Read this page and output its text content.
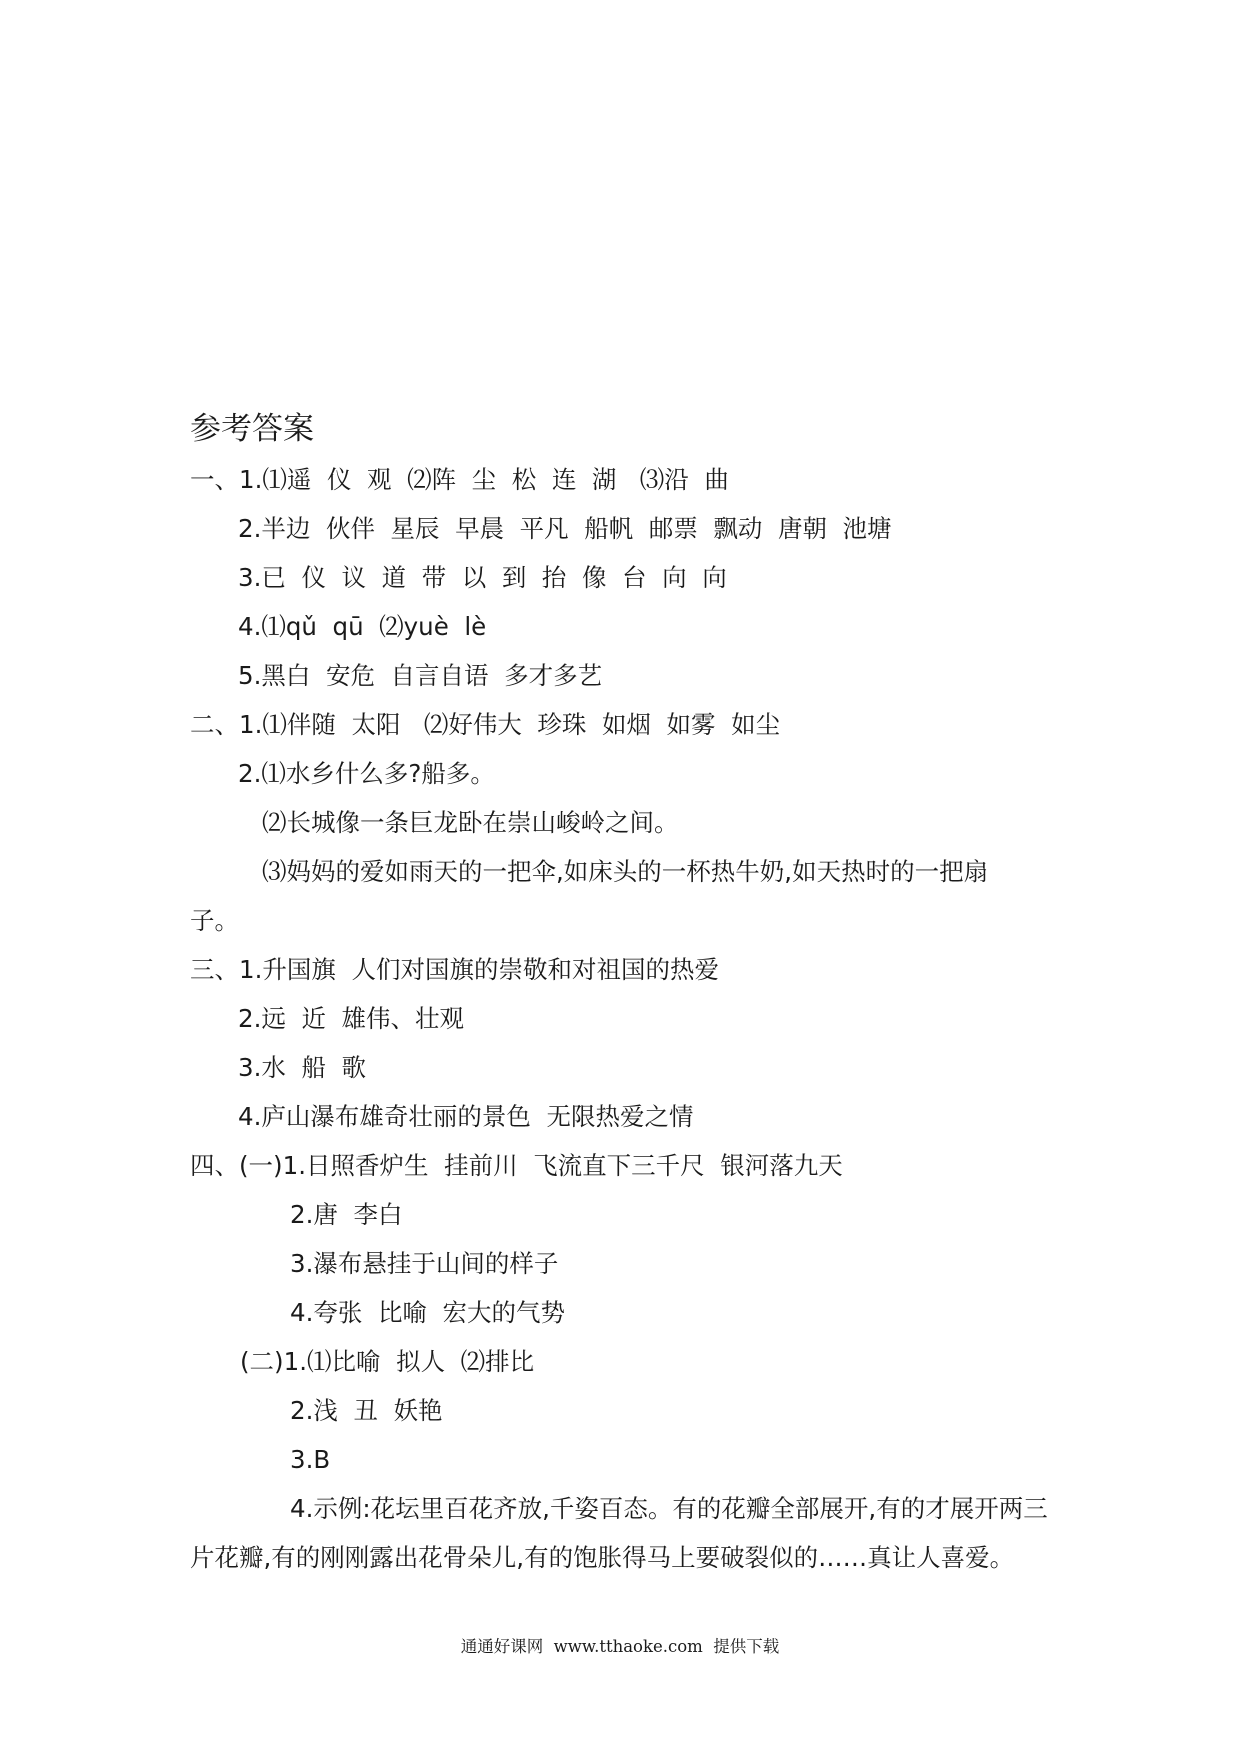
参考答案
一、1.⑴遥  仪  观  ⑵阵  尘  松  连  湖   ⑶沿  曲
2.半边  伙伴  星辰  早晨  平凡  船帆  邮票  飘动  唐朝  池塘
3.已  仪  议  道  带  以  到  抬  像  台  向  向
4.⑴qǔ  qū  ⑵yuè  lè
5.黑白  安危  自言自语  多才多艺
二、1.⑴伴随  太阳   ⑵好伟大  珍珠  如烟  如雾  如尘
2.⑴水乡什么多?船多。
⑵长城像一条巨龙卧在崇山峻岭之间。
⑶妈妈的爱如雨天的一把伞,如床头的一杯热牛奶,如天热时的一把扇
子。
三、1.升国旗  人们对国旗的崇敬和对祖国的热爱
2.远  近  雄伟、壮观
3.水  船  歌
4.庐山瀑布雄奇壮丽的景色  无限热爱之情
四、(一)1.日照香炉生  挂前川  飞流直下三千尺  银河落九天
2.唐  李白
3.瀑布悬挂于山间的样子
4.夸张  比喻  宏大的气势
(二)1.⑴比喻  拟人  ⑵排比
2.浅  丑  妖艳
3.B
4.示例:花坛里百花齐放,千姿百态。有的花瓣全部展开,有的才展开两三
片花瓣,有的刚刚露出花骨朵儿,有的饱胀得马上要破裂似的……真让人喜爱。
通通好课网  www.tthaoke.com  提供下载
